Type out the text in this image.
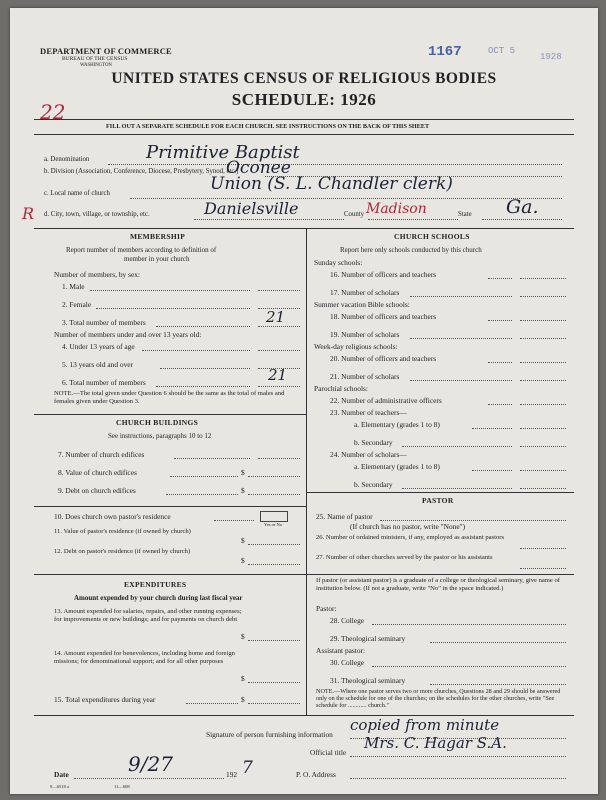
DEPARTMENT OF COMMERCE
BUREAU OF THE CENSUS
WASHINGTON
1167	OCT 5
1928
UNITED STATES CENSUS OF RELIGIOUS BODIES
SCHEDULE: 1926
22
FILL OUT A SEPARATE SCHEDULE FOR EACH CHURCH. SEE INSTRUCTIONS ON THE BACK OF THIS SHEET
a. Denomination	Primitive Baptist
b. Division (Association, Conference, Diocese, Presbytery, Synod, etc.)
Oconee
c. Local name of church	Union (S. L. Chandler clerk)
R d. City, town, village, or township, etc.	Danielsville	County Madison	State Ga.
MEMBERSHIP
Report number of members according to definition of
member in your church
Number of members, by sex:
1. Male
2. Female
3. Total number of members	21
Number of members under and over 13 years old:
4. Under 13 years of age
5. 13 years old and over
6. Total number of members	21
NOTE.—The total given under Question 6 should be the same as the total of males and females given under Question 3.
CHURCH BUILDINGS
See instructions, paragraphs 10 to 12
7. Number of church edifices
8. Value of church edifices	$
9. Debt on church edifices	$
10. Does church own pastor's residence
Yes or No
11. Value of pastor's residence (if owned by church)
$
12. Debt on pastor's residence (if owned by church)
$
EXPENDITURES
Amount expended by your church during last fiscal year
13. Amount expended for salaries, repairs, and other running expenses; for improvements or new buildings; and for payments on church debt
$
14. Amount expended for benevolences, including home and foreign missions; for denominational support; and for all other purposes
$
15. Total expenditures during year	$
CHURCH SCHOOLS
Report here only schools conducted by this church
Sunday schools:
16. Number of officers and teachers
17. Number of scholars
Summer vacation Bible schools:
18. Number of officers and teachers
19. Number of scholars
Week-day religious schools:
20. Number of officers and teachers
21. Number of scholars
Parochial schools:
22. Number of administrative officers
23. Number of teachers—
a. Elementary (grades 1 to 8)
b. Secondary
24. Number of scholars—
a. Elementary (grades 1 to 8)
b. Secondary
PASTOR
25. Name of pastor
(If church has no pastor, write "None")
26. Number of ordained ministers, if any, employed as assistant pastors
27. Number of other churches served by the pastor or his assistants
If pastor (or assistant pastor) is a graduate of a college or theological seminary, give name of institution below. (If not a graduate, write "No" in the space indicated.)
Pastor:
28. College
29. Theological seminary
Assistant pastor:
30. College
31. Theological seminary
NOTE.—Where one pastor serves two or more churches, Questions 28 and 29 should be answered only on the schedule for one of the churches; on the schedules for the other churches, write "See schedule for ............ church."
Signature of person furnishing information
copied from minute
Official title
Mrs. C. Hagar S.A.
Date	9/27	192 7	P. O. Address
9—6518 a	11—608
